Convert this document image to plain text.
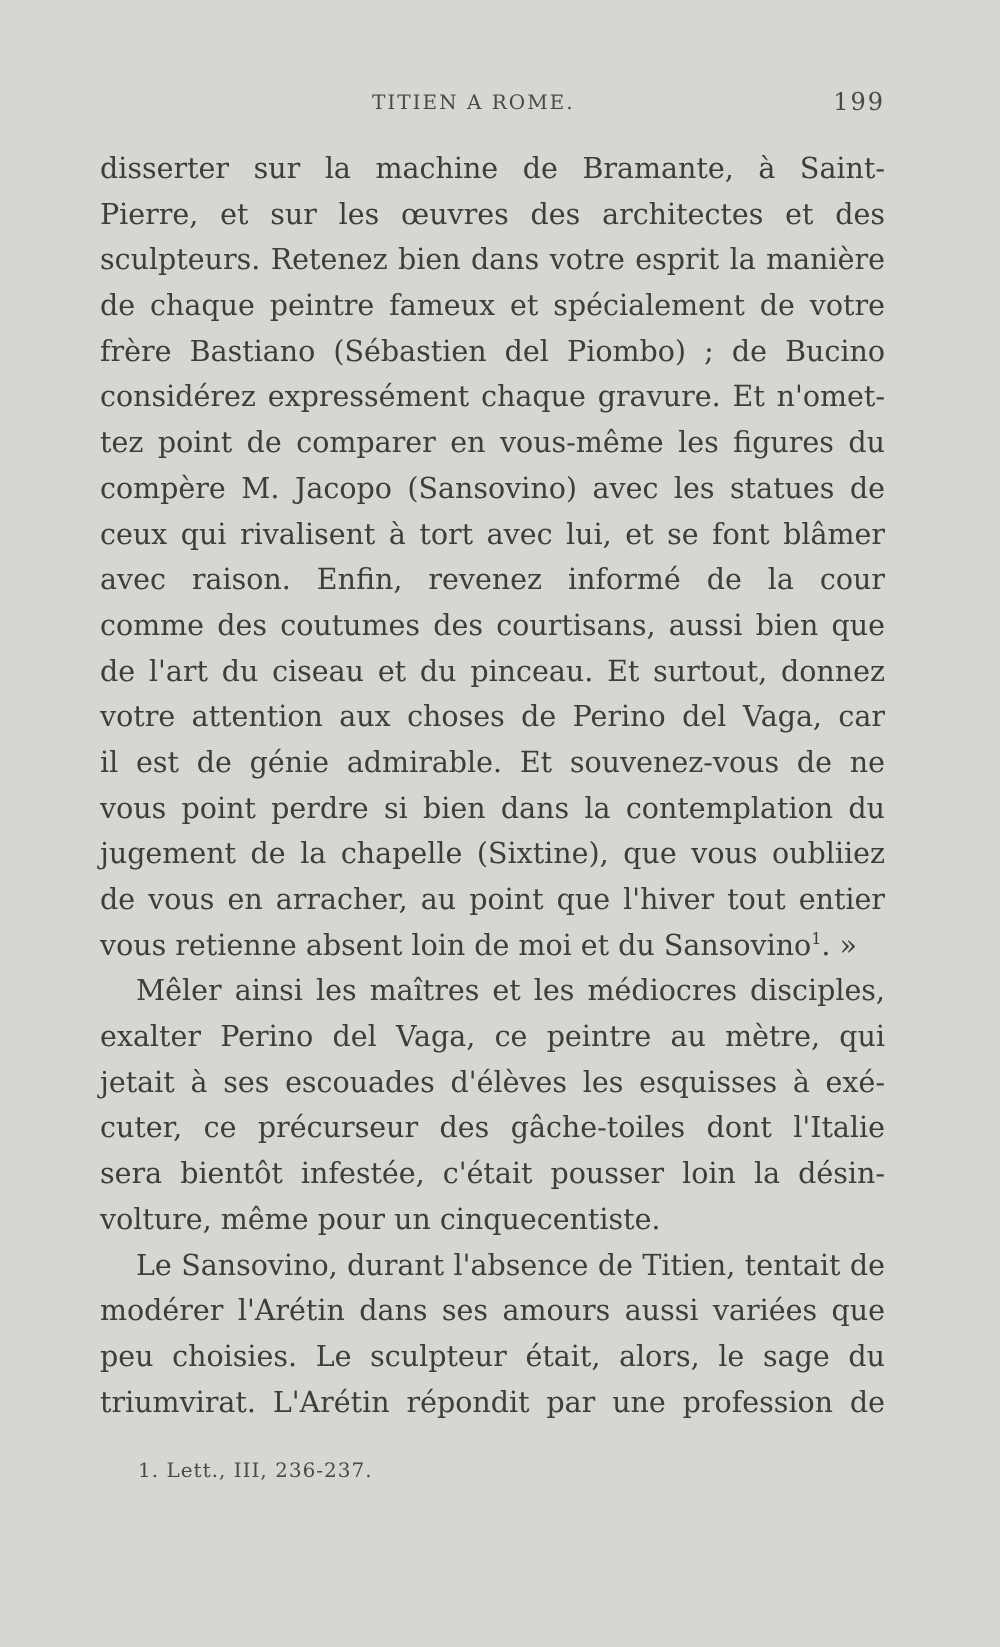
TITIEN A ROME.	199
disserter sur la machine de Bramante, à Saint-
Pierre, et sur les œuvres des architectes et des
sculpteurs. Retenez bien dans votre esprit la manière
de chaque peintre fameux et spécialement de votre
frère Bastiano (Sébastien del Piombo) ; de Bucino
considérez expressément chaque gravure. Et n'omet-
tez point de comparer en vous-même les figures du
compère M. Jacopo (Sansovino) avec les statues de
ceux qui rivalisent à tort avec lui, et se font blâmer
avec raison. Enfin, revenez informé de la cour
comme des coutumes des courtisans, aussi bien que
de l'art du ciseau et du pinceau. Et surtout, donnez
votre attention aux choses de Perino del Vaga, car
il est de génie admirable. Et souvenez-vous de ne
vous point perdre si bien dans la contemplation du
jugement de la chapelle (Sixtine), que vous oubliiez
de vous en arracher, au point que l'hiver tout entier
vous retienne absent loin de moi et du Sansovino$^1$. »
Mêler ainsi les maîtres et les médiocres disciples,
exalter Perino del Vaga, ce peintre au mètre, qui
jetait à ses escouades d'élèves les esquisses à exé-
cuter, ce précurseur des gâche-toiles dont l'Italie
sera bientôt infestée, c'était pousser loin la désin-
volture, même pour un cinquecentiste.
Le Sansovino, durant l'absence de Titien, tentait de
modérer l'Arétin dans ses amours aussi variées que
peu choisies. Le sculpteur était, alors, le sage du
triumvirat. L'Arétin répondit par une profession de
1. Lett., III, 236-237.
